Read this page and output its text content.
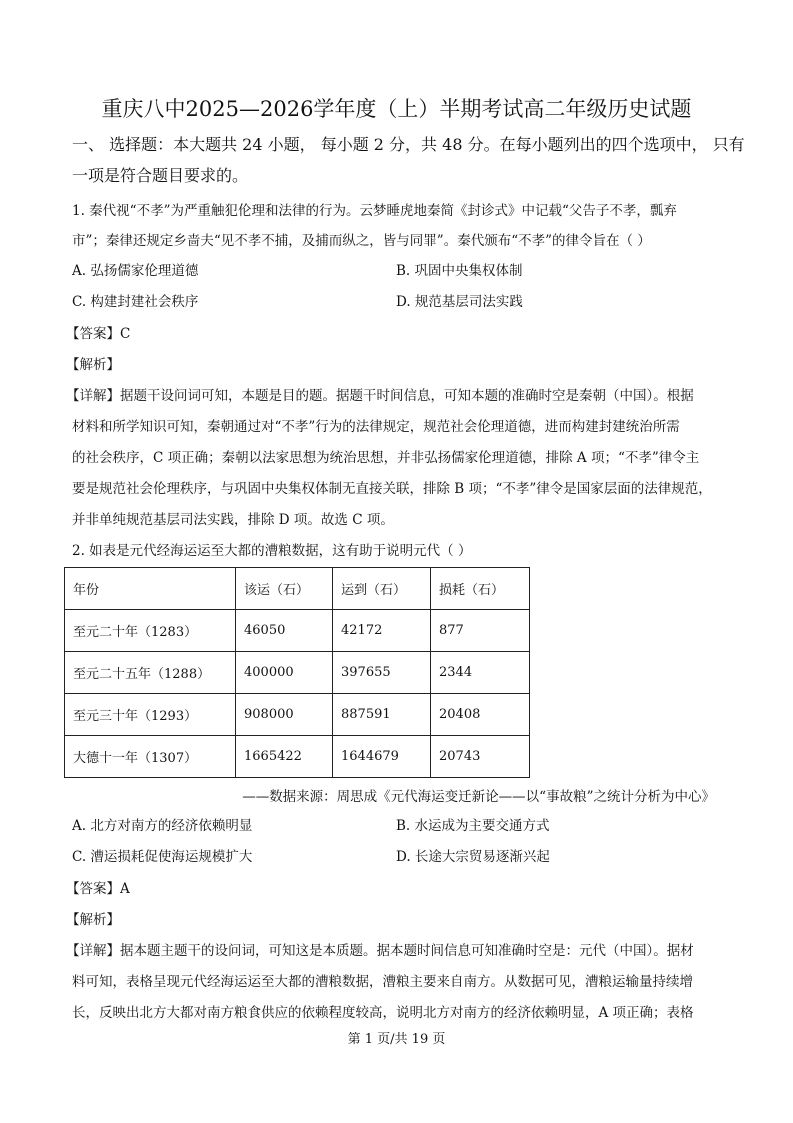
重庆八中2025—2026学年度（上）半期考试高二年级历史试题
一、 选择题：本大题共 24 小题， 每小题 2 分，共 48 分。在每小题列出的四个选项中， 只有
一项是符合题目要求的。
1. 秦代视“不孝”为严重触犯伦理和法律的行为。云梦睡虎地秦简《封诊式》中记载“父告子不孝，瓢弃
市”；秦律还规定乡啬夫“见不孝不捕，及捕而纵之，皆与同罪”。秦代颁布“不孝”的律令旨在（ ）
A. 弘扬儒家伦理道德	B. 巩固中央集权体制
C. 构建封建社会秩序	D. 规范基层司法实践
【答案】C
【解析】
【详解】据题干设问词可知，本题是目的题。据题干时间信息，可知本题的准确时空是秦朝（中国）。根据
材料和所学知识可知，秦朝通过对“不孝”行为的法律规定，规范社会伦理道德，进而构建封建统治所需
的社会秩序，C 项正确；秦朝以法家思想为统治思想，并非弘扬儒家伦理道德，排除 A 项；“不孝”律令主
要是规范社会伦理秩序，与巩固中央集权体制无直接关联，排除 B 项；“不孝”律令是国家层面的法律规范，
并非单纯规范基层司法实践，排除 D 项。故选 C 项。
2. 如表是元代经海运运至大都的漕粮数据，这有助于说明元代（ ）
年份	该运（石）	运到（石）	损耗（石）
至元二十年（1283）	46050	42172	877
至元二十五年（1288）	400000	397655	2344
至元三十年（1293）	908000	887591	20408
大德十一年（1307）	1665422	1644679	20743
——数据来源：周思成《元代海运变迁新论——以“事故粮”之统计分析为中心》
A. 北方对南方的经济依赖明显	B. 水运成为主要交通方式
C. 漕运损耗促使海运规模扩大	D. 长途大宗贸易逐渐兴起
【答案】A
【解析】
【详解】据本题主题干的设问词，可知这是本质题。据本题时间信息可知准确时空是：元代（中国）。据材
料可知，表格呈现元代经海运运至大都的漕粮数据，漕粮主要来自南方。从数据可见，漕粮运输量持续增
长，反映出北方大都对南方粮食供应的依赖程度较高，说明北方对南方的经济依赖明显，A 项正确；表格
第 1 页/共 19 页
